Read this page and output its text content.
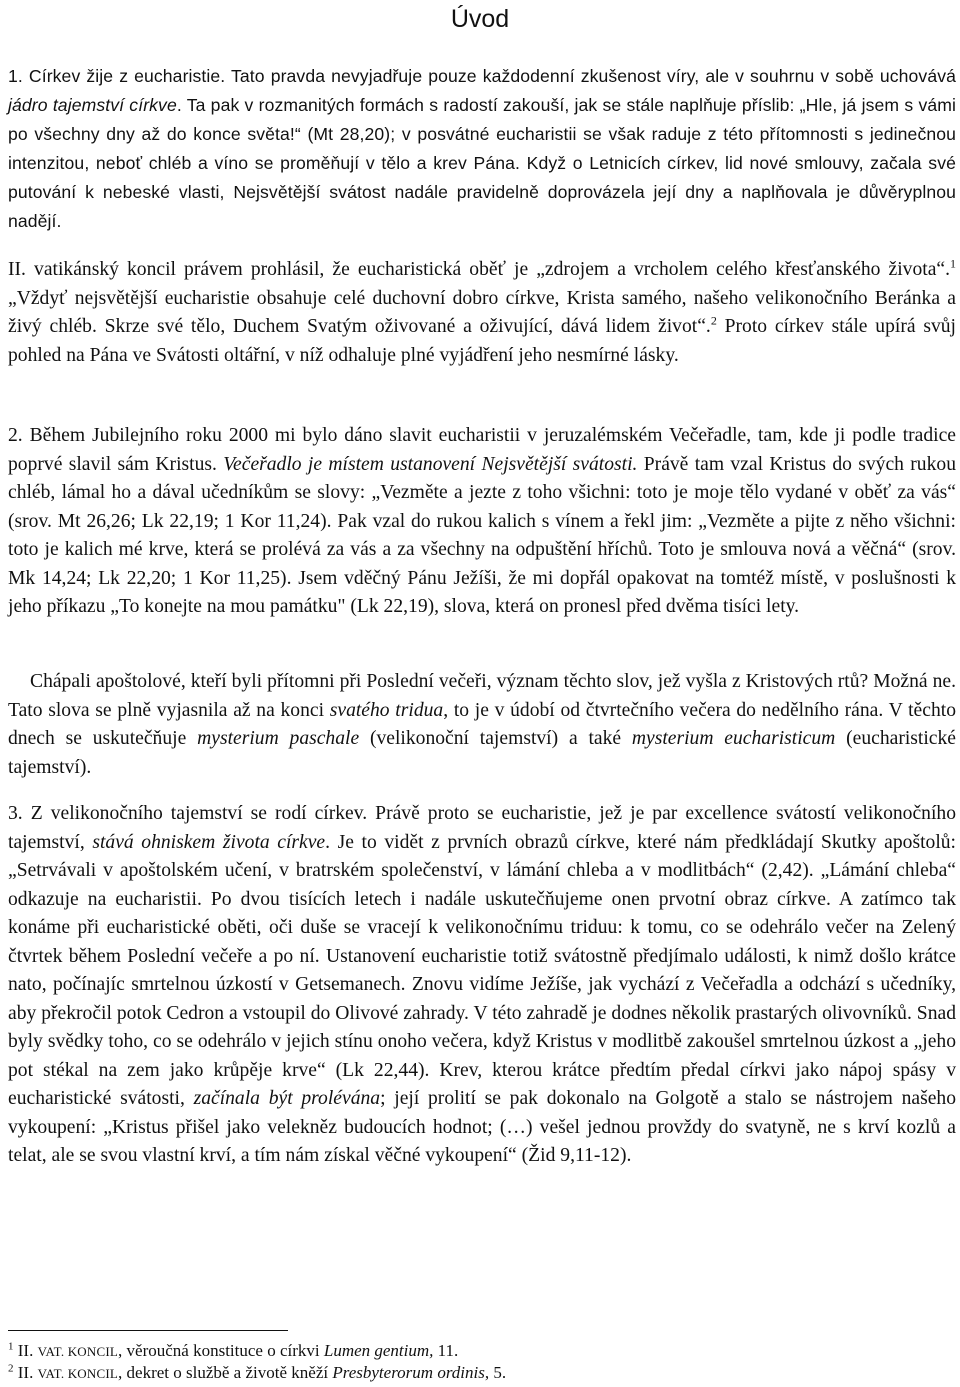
Úvod

1. Církev žije z eucharistie. Tato pravda nevyjadřuje pouze každodenní zkušenost víry, ale v souhrnu v sobě uchovává jádro tajemství církve. Ta pak v rozmanitých formách s radostí zakouší, jak se stále naplňuje příslib: „Hle, já jsem s vámi po všechny dny až do konce světa!“ (Mt 28,20); v posvátné eucharistii se však raduje z této přítomnosti s jedinečnou intenzitou, neboť chléb a víno se proměňují v tělo a krev Pána. Když o Letnicích církev, lid nové smlouvy, začala své putování k nebeské vlasti, Nejsvětější svátost nadále pravidelně doprovázela její dny a naplňovala je důvěryplnou nadějí.

II. vatikánský koncil právem prohlásil, že eucharistická oběť je „zdrojem a vrcholem celého křesťanského života“.$^1$ „Vždyť nejsvětější eucharistie obsahuje celé duchovní dobro církve, Krista samého, našeho velikonočního Beránka a živý chléb. Skrze své tělo, Duchem Svatým oživované a oživující, dává lidem život“.$^2$ Proto církev stále upírá svůj pohled na Pána ve Svátosti oltářní, v níž odhaluje plné vyjádření jeho nesmírné lásky.

2. Během Jubilejního roku 2000 mi bylo dáno slavit eucharistii v jeruzalémském Večeřadle, tam, kde ji podle tradice poprvé slavil sám Kristus. Večeřadlo je místem ustanovení Nejsvětější svátosti. Právě tam vzal Kristus do svých rukou chléb, lámal ho a dával učedníkům se slovy: „Vezměte a jezte z toho všichni: toto je moje tělo vydané v oběť za vás“ (srov. Mt 26,26; Lk 22,19; 1 Kor 11,24). Pak vzal do rukou kalich s vínem a řekl jim: „Vezměte a pijte z něho všichni: toto je kalich mé krve, která se prolévá za vás a za všechny na odpuštění hříchů. Toto je smlouva nová a věčná“ (srov. Mk 14,24; Lk 22,20; 1 Kor 11,25). Jsem vděčný Pánu Ježíši, že mi dopřál opakovat na tomtéž místě, v poslušnosti k jeho příkazu „To konejte na mou památku" (Lk 22,19), slova, která on pronesl před dvěma tisíci lety.

Chápali apoštolové, kteří byli přítomni při Poslední večeři, význam těchto slov, jež vyšla z Kristových rtů? Možná ne. Tato slova se plně vyjasnila až na konci svatého tridua, to je v údobí od čtvrtečního večera do nedělního rána. V těchto dnech se uskutečňuje mysterium paschale (velikonoční tajemství) a také mysterium eucharisticum (eucharistické tajemství).

3. Z velikonočního tajemství se rodí církev. Právě proto se eucharistie, jež je par excellence svátostí velikonočního tajemství, stává ohniskem života církve. Je to vidět z prvních obrazů církve, které nám předkládají Skutky apoštolů: „Setrvávali v apoštolském učení, v bratrském společenství, v lámání chleba a v modlitbách“ (2,42). „Lámání chleba“ odkazuje na eucharistii. Po dvou tisících letech i nadále uskutečňujeme onen prvotní obraz církve. A zatímco tak konáme při eucharistické oběti, oči duše se vracejí k velikonočnímu triduu: k tomu, co se odehrálo večer na Zelený čtvrtek během Poslední večeře a po ní. Ustanovení eucharistie totiž svátostně předjímalo události, k nimž došlo krátce nato, počínajíc smrtelnou úzkostí v Getsemanech. Znovu vidíme Ježíše, jak vychází z Večeřadla a odchází s učedníky, aby překročil potok Cedron a vstoupil do Olivové zahrady. V této zahradě je dodnes několik prastarých olivovníků. Snad byly svědky toho, co se odehrálo v jejich stínu onoho večera, když Kristus v modlitbě zakoušel smrtelnou úzkost a „jeho pot stékal na zem jako krůpěje krve“ (Lk 22,44). Krev, kterou krátce předtím předal církvi jako nápoj spásy v eucharistické svátosti, začínala být prolévána; její prolití se pak dokonalo na Golgotě a stalo se nástrojem našeho vykoupení: „Kristus přišel jako velekněz budoucích hodnot; (…) vešel jednou provždy do svatyně, ne s krví kozlů a telat, ale se svou vlastní krví, a tím nám získal věčné vykoupení“ (Žid 9,11-12).

$^1$ II. VAT. KONCIL, věroučná konstituce o církvi Lumen gentium, 11.
$^2$ II. VAT. KONCIL, dekret o službě a životě kněží Presbyterorum ordinis, 5.
